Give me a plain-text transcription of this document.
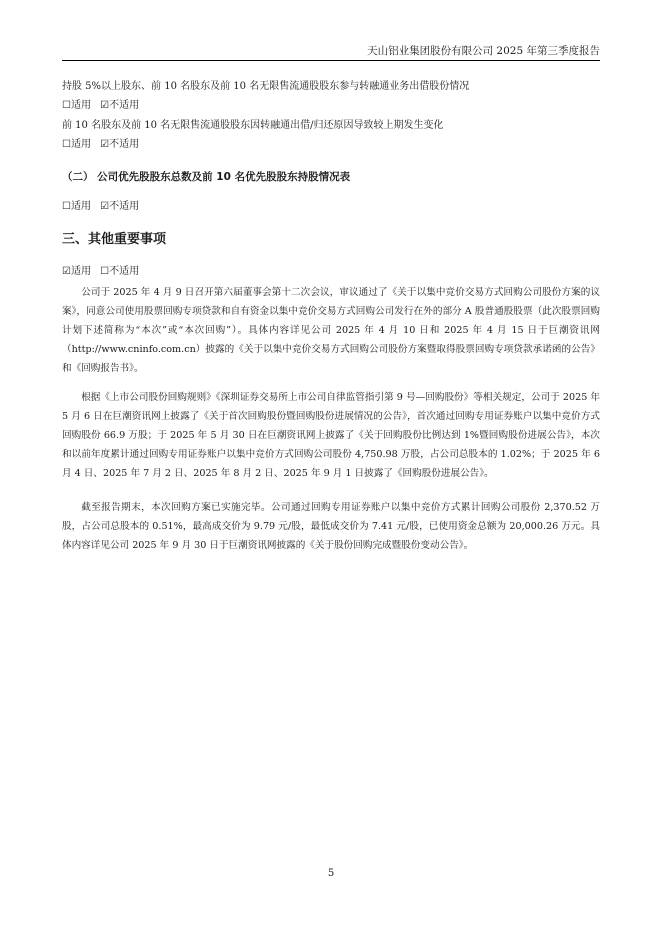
天山铝业集团股份有限公司 2025 年第三季度报告
持股 5%以上股东、前 10 名股东及前 10 名无限售流通股股东参与转融通业务出借股份情况
☐适用 ☑不适用
前 10 名股东及前 10 名无限售流通股股东因转融通出借/归还原因导致较上期发生变化
☐适用 ☑不适用
（二） 公司优先股股东总数及前 10 名优先股股东持股情况表
☐适用 ☑不适用
三、其他重要事项
☑适用 ☐不适用

公司于 2025 年 4 月 9 日召开第六届董事会第十二次会议，审议通过了《关于以集中竞价交易方式回购公司股份方案的议案》，同意公司使用股票回购专项贷款和自有资金以集中竞价交易方式回购公司发行在外的部分 A 股普通股股票（此次股票回购计划下述简称为“本次”或“本次回购”）。具体内容详见公司 2025 年 4 月 10 日和 2025 年 4 月 15 日于巨潮资讯网（http://www.cninfo.com.cn）披露的《关于以集中竞价交易方式回购公司股份方案暨取得股票回购专项贷款承诺函的公告》和《回购报告书》。

根据《上市公司股份回购规则》《深圳证券交易所上市公司自律监管指引第 9 号—回购股份》等相关规定，公司于 2025 年 5 月 6 日在巨潮资讯网上披露了《关于首次回购股份暨回购股份进展情况的公告》，首次通过回购专用证券账户以集中竞价方式回购股份 66.9 万股；于 2025 年 5 月 30 日在巨潮资讯网上披露了《关于回购股份比例达到 1%暨回购股份进展公告》，本次和以前年度累计通过回购专用证券账户以集中竞价方式回购公司股份 4,750.98 万股，占公司总股本的 1.02%；于 2025 年 6 月 4 日、2025 年 7 月 2 日、2025 年 8 月 2 日、2025 年 9 月 1 日披露了《回购股份进展公告》。

截至报告期末，本次回购方案已实施完毕。公司通过回购专用证券账户以集中竞价方式累计回购公司股份 2,370.52 万股，占公司总股本的 0.51%，最高成交价为 9.79 元/股，最低成交价为 7.41 元/股，已使用资金总额为 20,000.26 万元。具体内容详见公司 2025 年 9 月 30 日于巨潮资讯网披露的《关于股份回购完成暨股份变动公告》。

5
